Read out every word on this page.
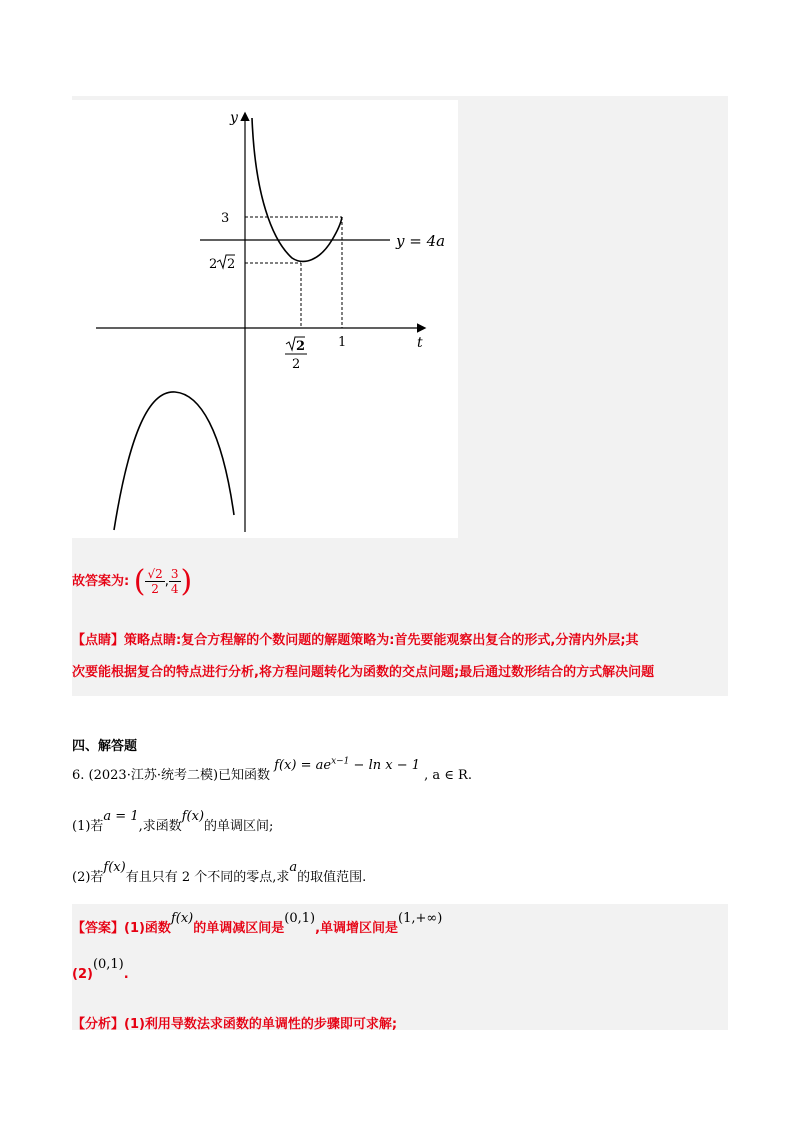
y
t
y = 4a
3
2 2
1
2
2
故答案为: ( $\frac{√2}{2}$ , $\frac{3}{4}$ )
【点睛】策略点睛:复合方程解的个数问题的解题策略为:首先要能观察出复合的形式,分清内外层;其
次要能根据复合的特点进行分析,将方程问题转化为函数的交点问题;最后通过数形结合的方式解决问题
四、解答题
6. (2023·江苏·统考二模)已知函数 $f(x) = ae^{x-1} - \ln x - 1$ , a ∈ R.
(1)若a = 1,求函数f(x)的单调区间;
(2)若f(x)有且只有 2 个不同的零点,求a的取值范围.
【答案】(1)函数f(x)的单调减区间是(0,1),单调增区间是(1,+∞)
(2)(0,1).
【分析】(1)利用导数法求函数的单调性的步骤即可求解;
